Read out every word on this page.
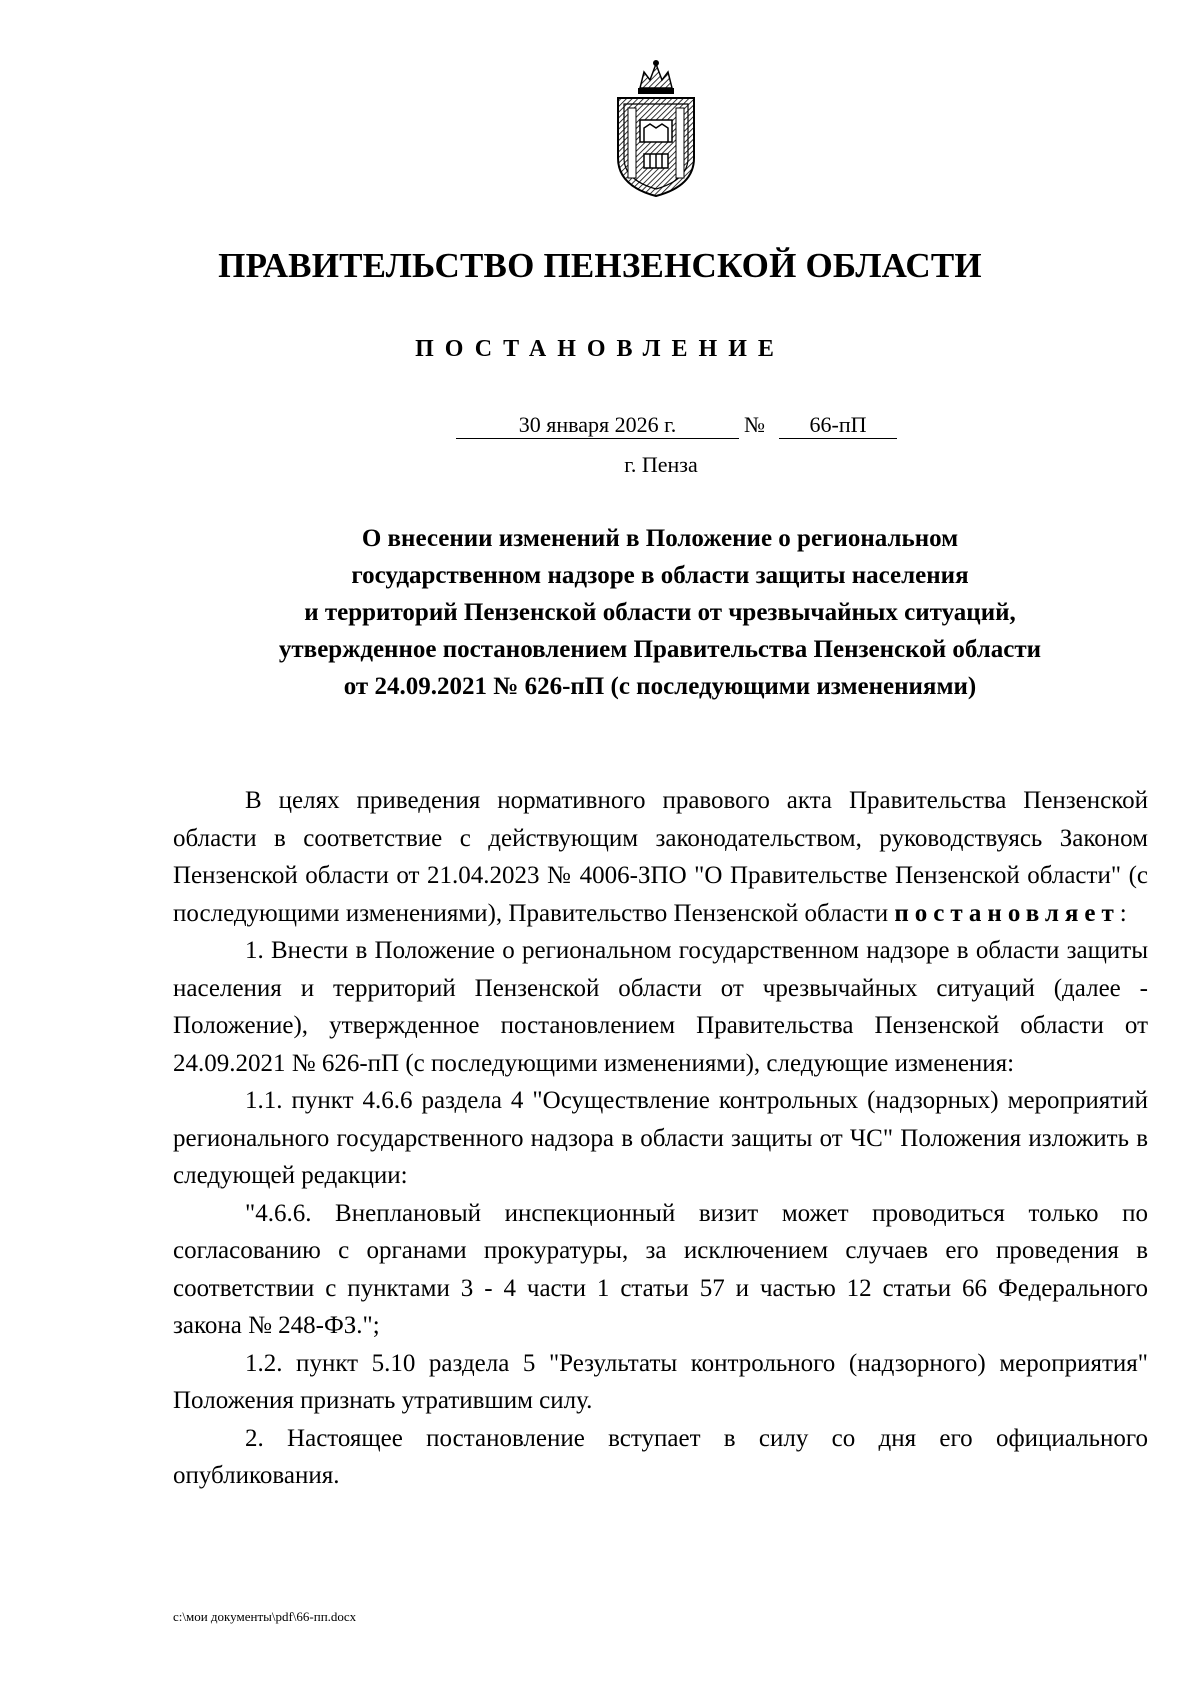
ПРАВИТЕЛЬСТВО ПЕНЗЕНСКОЙ ОБЛАСТИ
ПОСТАНОВЛЕНИЕ
30 января 2026 г.	№	66-пП
г. Пенза
О внесении изменений в Положение о региональном
государственном надзоре в области защиты населения
и территорий Пензенской области от чрезвычайных ситуаций,
утвержденное постановлением Правительства Пензенской области
от 24.09.2021 № 626-пП (с последующими изменениями)

В целях приведения нормативного правового акта Правительства Пензенской области в соответствие с действующим законодательством, руководствуясь Законом Пензенской области от 21.04.2023 № 4006-ЗПО "О Правительстве Пензенской области" (с последующими изменениями), Правительство Пензенской области постановляет:

1. Внести в Положение о региональном государственном надзоре в области защиты населения и территорий Пензенской области от чрезвычайных ситуаций (далее - Положение), утвержденное постановлением Правительства Пензенской области от 24.09.2021 № 626-пП (с последующими изменениями), следующие изменения:

1.1. пункт 4.6.6 раздела 4 "Осуществление контрольных (надзорных) мероприятий регионального государственного надзора в области защиты от ЧС" Положения изложить в следующей редакции:

"4.6.6. Внеплановый инспекционный визит может проводиться только по согласованию с органами прокуратуры, за исключением случаев его проведения в соответствии с пунктами 3 - 4 части 1 статьи 57 и частью 12 статьи 66 Федерального закона № 248-ФЗ.";

1.2. пункт 5.10 раздела 5 "Результаты контрольного (надзорного) мероприятия" Положения признать утратившим силу.

2. Настоящее постановление вступает в силу со дня его официального опубликования.

c:\мои документы\pdf\66-пп.docx
